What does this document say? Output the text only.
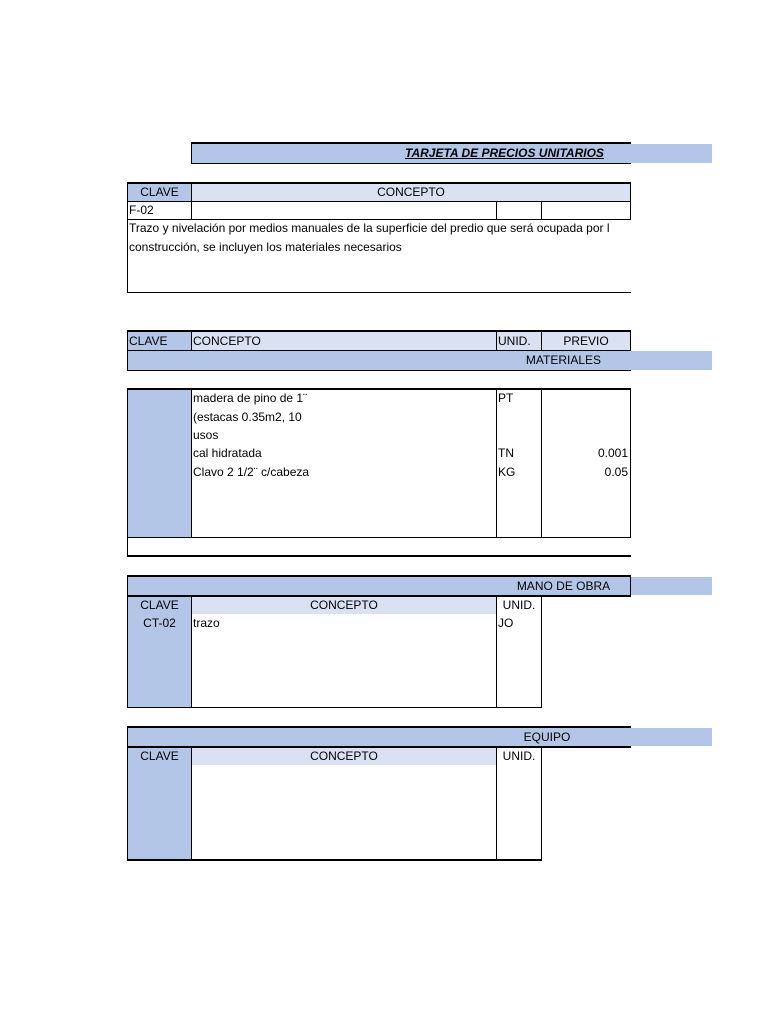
TARJETA DE PRECIOS UNITARIOS
CLAVE	CONCEPTO
F-02
Trazo y nivelación por medios manuales de la superficie del predio que será ocupada por l
construcción, se incluyen los materiales necesarios
CLAVE CONCEPTO	UNID.	PREVIO
MATERIALES
madera de pino de 1¨	PT
(estacas 0.35m2, 10
usos
cal hidratada	TN	0.001
Clavo 2 1/2¨ c/cabeza	KG	0.05
MANO DE OBRA
CLAVE	CONCEPTO	UNID.
CT-02	trazo	JO
EQUIPO
CLAVE	CONCEPTO	UNID.
